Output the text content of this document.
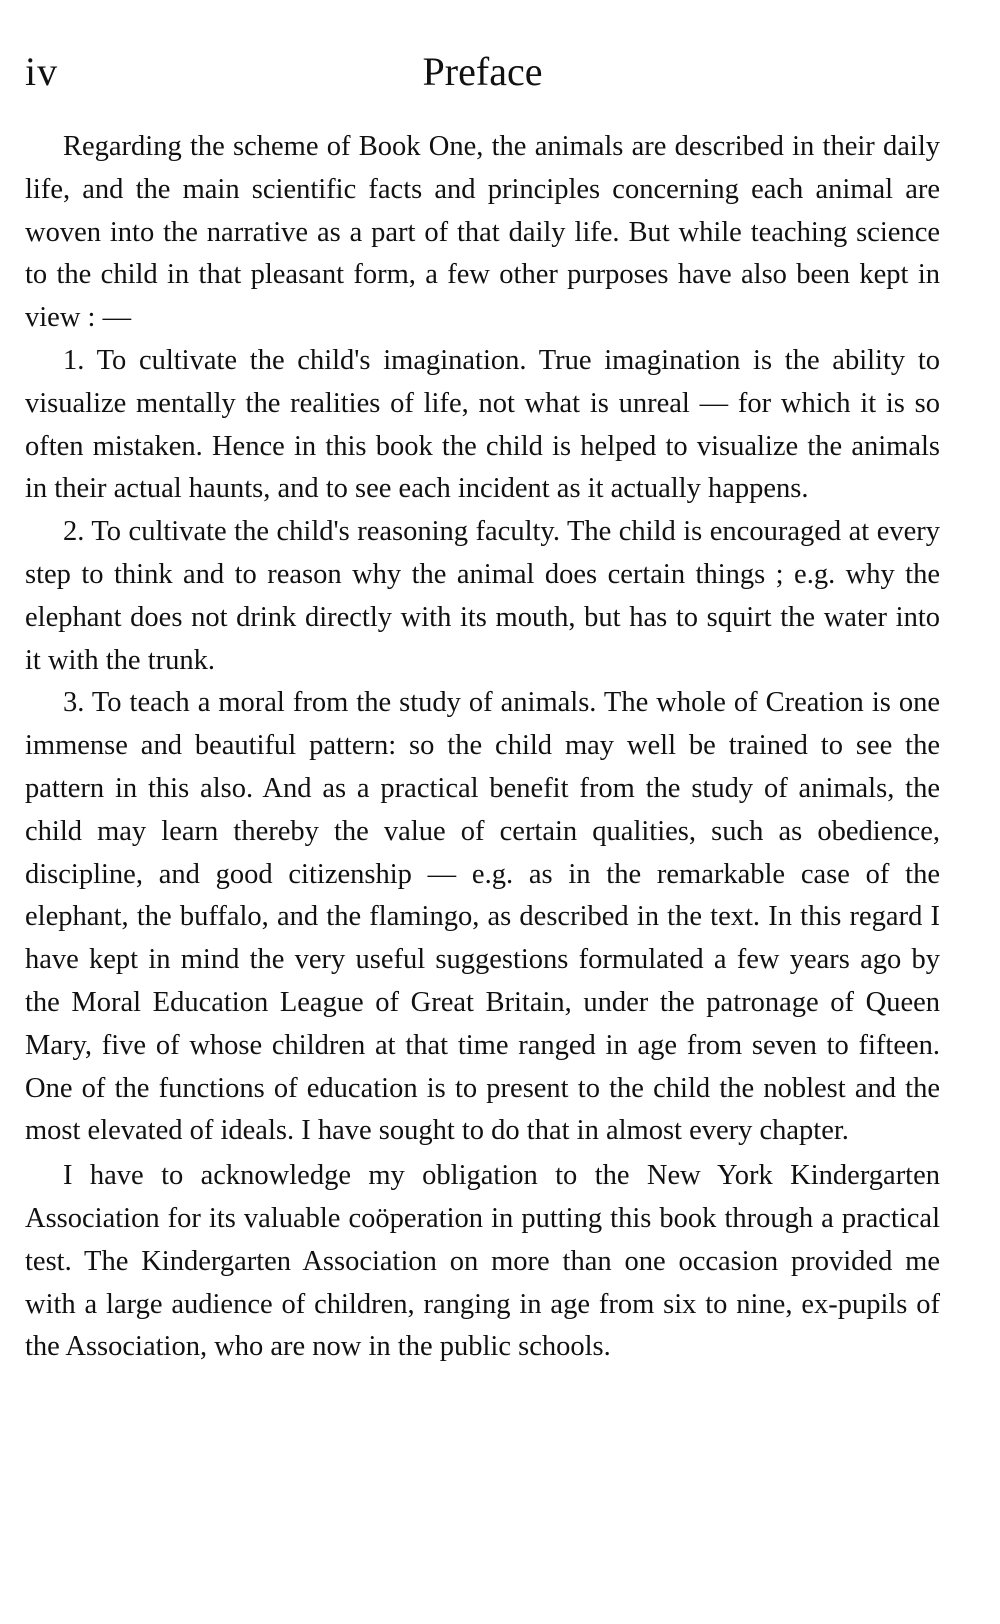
iv	Preface

Regarding the scheme of Book One, the animals are described in their daily life, and the main scientific facts and principles concerning each animal are woven into the narrative as a part of that daily life. But while teaching science to the child in that pleasant form, a few other purposes have also been kept in view : —

1. To cultivate the child's imagination. True imagination is the ability to visualize mentally the realities of life, not what is unreal — for which it is so often mistaken. Hence in this book the child is helped to visualize the animals in their actual haunts, and to see each incident as it actually happens.

2. To cultivate the child's reasoning faculty. The child is encouraged at every step to think and to reason why the animal does certain things ; e.g. why the elephant does not drink directly with its mouth, but has to squirt the water into it with the trunk.

3. To teach a moral from the study of animals. The whole of Creation is one immense and beautiful pattern: so the child may well be trained to see the pattern in this also. And as a practical benefit from the study of animals, the child may learn thereby the value of certain qualities, such as obedience, discipline, and good citizenship — e.g. as in the remarkable case of the elephant, the buffalo, and the flamingo, as described in the text. In this regard I have kept in mind the very useful suggestions formulated a few years ago by the Moral Education League of Great Britain, under the patronage of Queen Mary, five of whose children at that time ranged in age from seven to fifteen. One of the functions of education is to present to the child the noblest and the most elevated of ideals. I have sought to do that in almost every chapter.

I have to acknowledge my obligation to the New York Kindergarten Association for its valuable coöperation in putting this book through a practical test. The Kindergarten Association on more than one occasion provided me with a large audience of children, ranging in age from six to nine, ex-pupils of the Association, who are now in the public schools.
